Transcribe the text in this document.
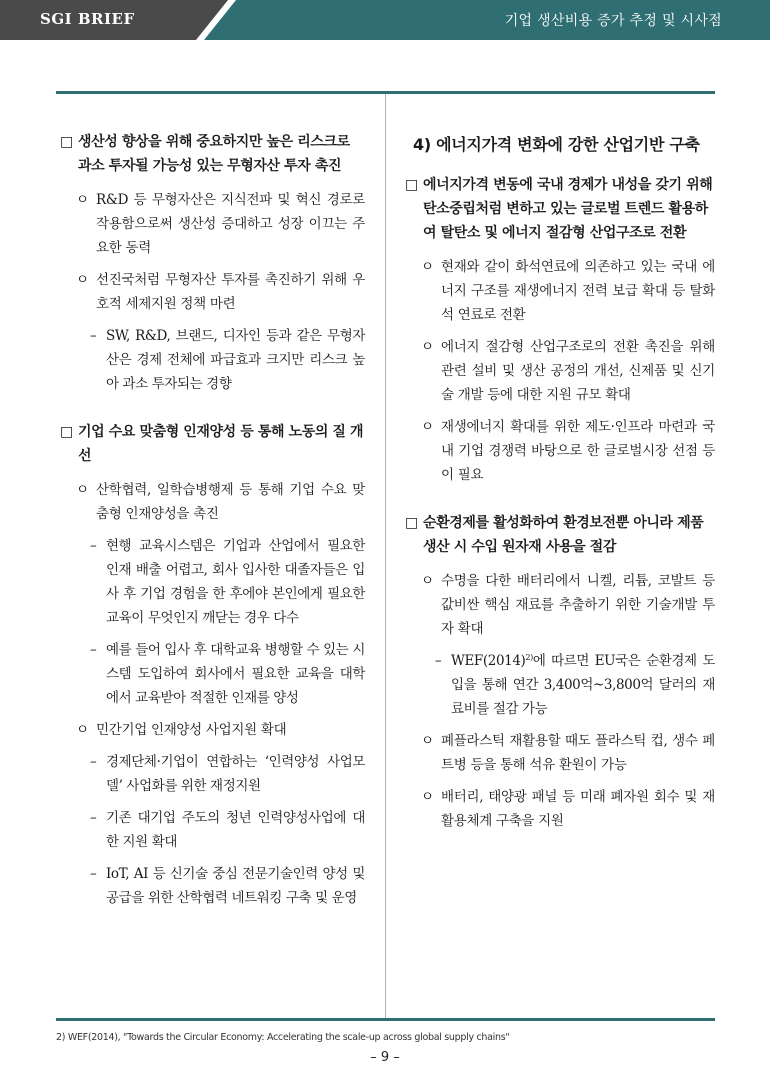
SGI BRIEF	기업 생산비용 증가 추정 및 시사점
□ 생산성 향상을 위해 중요하지만 높은 리스크로 과소 투자될 가능성 있는 무형자산 투자 촉진
ㅇ R&D 등 무형자산은 지식전파 및 혁신 경로로 작용함으로써 생산성 증대하고 성장 이끄는 주요한 동력
ㅇ 선진국처럼 무형자산 투자를 촉진하기 위해 우호적 세제지원 정책 마련
– SW, R&D, 브랜드, 디자인 등과 같은 무형자산은 경제 전체에 파급효과 크지만 리스크 높아 과소 투자되는 경향
□ 기업 수요 맞춤형 인재양성 등 통해 노동의 질 개선
ㅇ 산학협력, 일학습병행제 등 통해 기업 수요 맞춤형 인재양성을 촉진
– 현행 교육시스템은 기업과 산업에서 필요한 인재 배출 어렵고, 회사 입사한 대졸자들은 입사 후 기업 경험을 한 후에야 본인에게 필요한 교육이 무엇인지 깨닫는 경우 다수
– 예를 들어 입사 후 대학교육 병행할 수 있는 시스템 도입하여 회사에서 필요한 교육을 대학에서 교육받아 적절한 인재를 양성
ㅇ 민간기업 인재양성 사업지원 확대
– 경제단체·기업이 연합하는 ‘인력양성 사업모델’ 사업화를 위한 재정지원
– 기존 대기업 주도의 청년 인력양성사업에 대한 지원 확대
– IoT, AI 등 신기술 중심 전문기술인력 양성 및 공급을 위한 산학협력 네트워킹 구축 및 운영
4) 에너지가격 변화에 강한 산업기반 구축
□ 에너지가격 변동에 국내 경제가 내성을 갖기 위해 탄소중립처럼 변하고 있는 글로벌 트렌드 활용하여 탈탄소 및 에너지 절감형 산업구조로 전환
ㅇ 현재와 같이 화석연료에 의존하고 있는 국내 에너지 구조를 재생에너지 전력 보급 확대 등 탈화석 연료로 전환
ㅇ 에너지 절감형 산업구조로의 전환 촉진을 위해 관련 설비 및 생산 공정의 개선, 신제품 및 신기술 개발 등에 대한 지원 규모 확대
ㅇ 재생에너지 확대를 위한 제도·인프라 마련과 국내 기업 경쟁력 바탕으로 한 글로벌시장 선점 등이 필요
□ 순환경제를 활성화하여 환경보전뿐 아니라 제품 생산 시 수입 원자재 사용을 절감
ㅇ 수명을 다한 배터리에서 니켈, 리튬, 코발트 등 값비싼 핵심 재료를 추출하기 위한 기술개발 투자 확대
– $WEF(2014)^{2)}$에 따르면 EU국은 순환경제 도입을 통해 연간 3,400억~3,800억 달러의 재료비를 절감 가능
ㅇ 폐플라스틱 재활용할 때도 플라스틱 컵, 생수 페트병 등을 통해 석유 환원이 가능
ㅇ 배터리, 태양광 패널 등 미래 폐자원 회수 및 재활용체계 구축을 지원
2) WEF(2014), "Towards the Circular Economy: Accelerating the scale-up across global supply chains"
– 9 –
